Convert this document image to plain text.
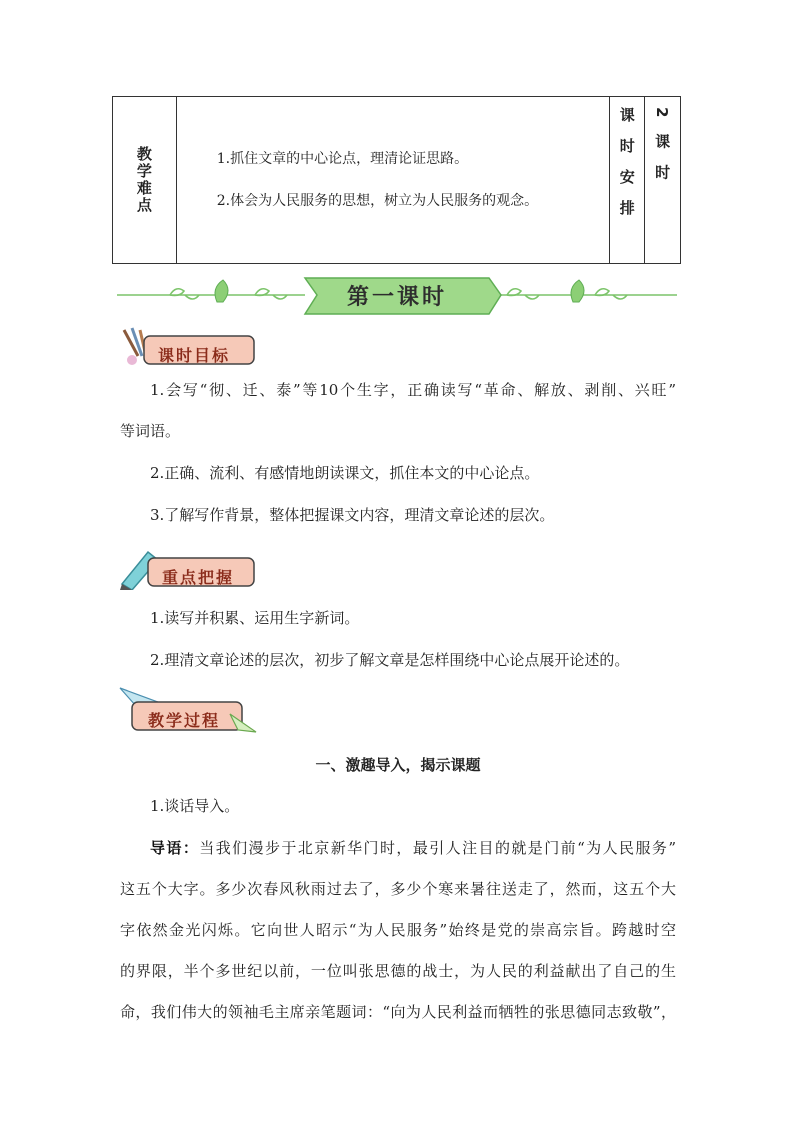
教学难点	1.抓住文章的中心论点，理清论证思路。

2.体会为人民服务的思想，树立为人民服务的观念。	课时安排 2课时
第一课时
课时目标

1.会写“彻、迁、泰”等10个生字，正确读写“革命、解放、剥削、兴旺”

等词语。

2.正确、流利、有感情地朗读课文，抓住本文的中心论点。

3.了解写作背景，整体把握课文内容，理清文章论述的层次。

重点把握

1.读写并积累、运用生字新词。

2.理清文章论述的层次，初步了解文章是怎样围绕中心论点展开论述的。

教学过程
一、激趣导入，揭示课题

1.谈话导入。

导语：当我们漫步于北京新华门时，最引人注目的就是门前“为人民服务”

这五个大字。多少次春风秋雨过去了，多少个寒来暑往送走了，然而，这五个大

字依然金光闪烁。它向世人昭示“为人民服务”始终是党的崇高宗旨。跨越时空

的界限，半个多世纪以前，一位叫张思德的战士，为人民的利益献出了自己的生

命，我们伟大的领袖毛主席亲笔题词：“向为人民利益而牺牲的张思德同志致敬”，
